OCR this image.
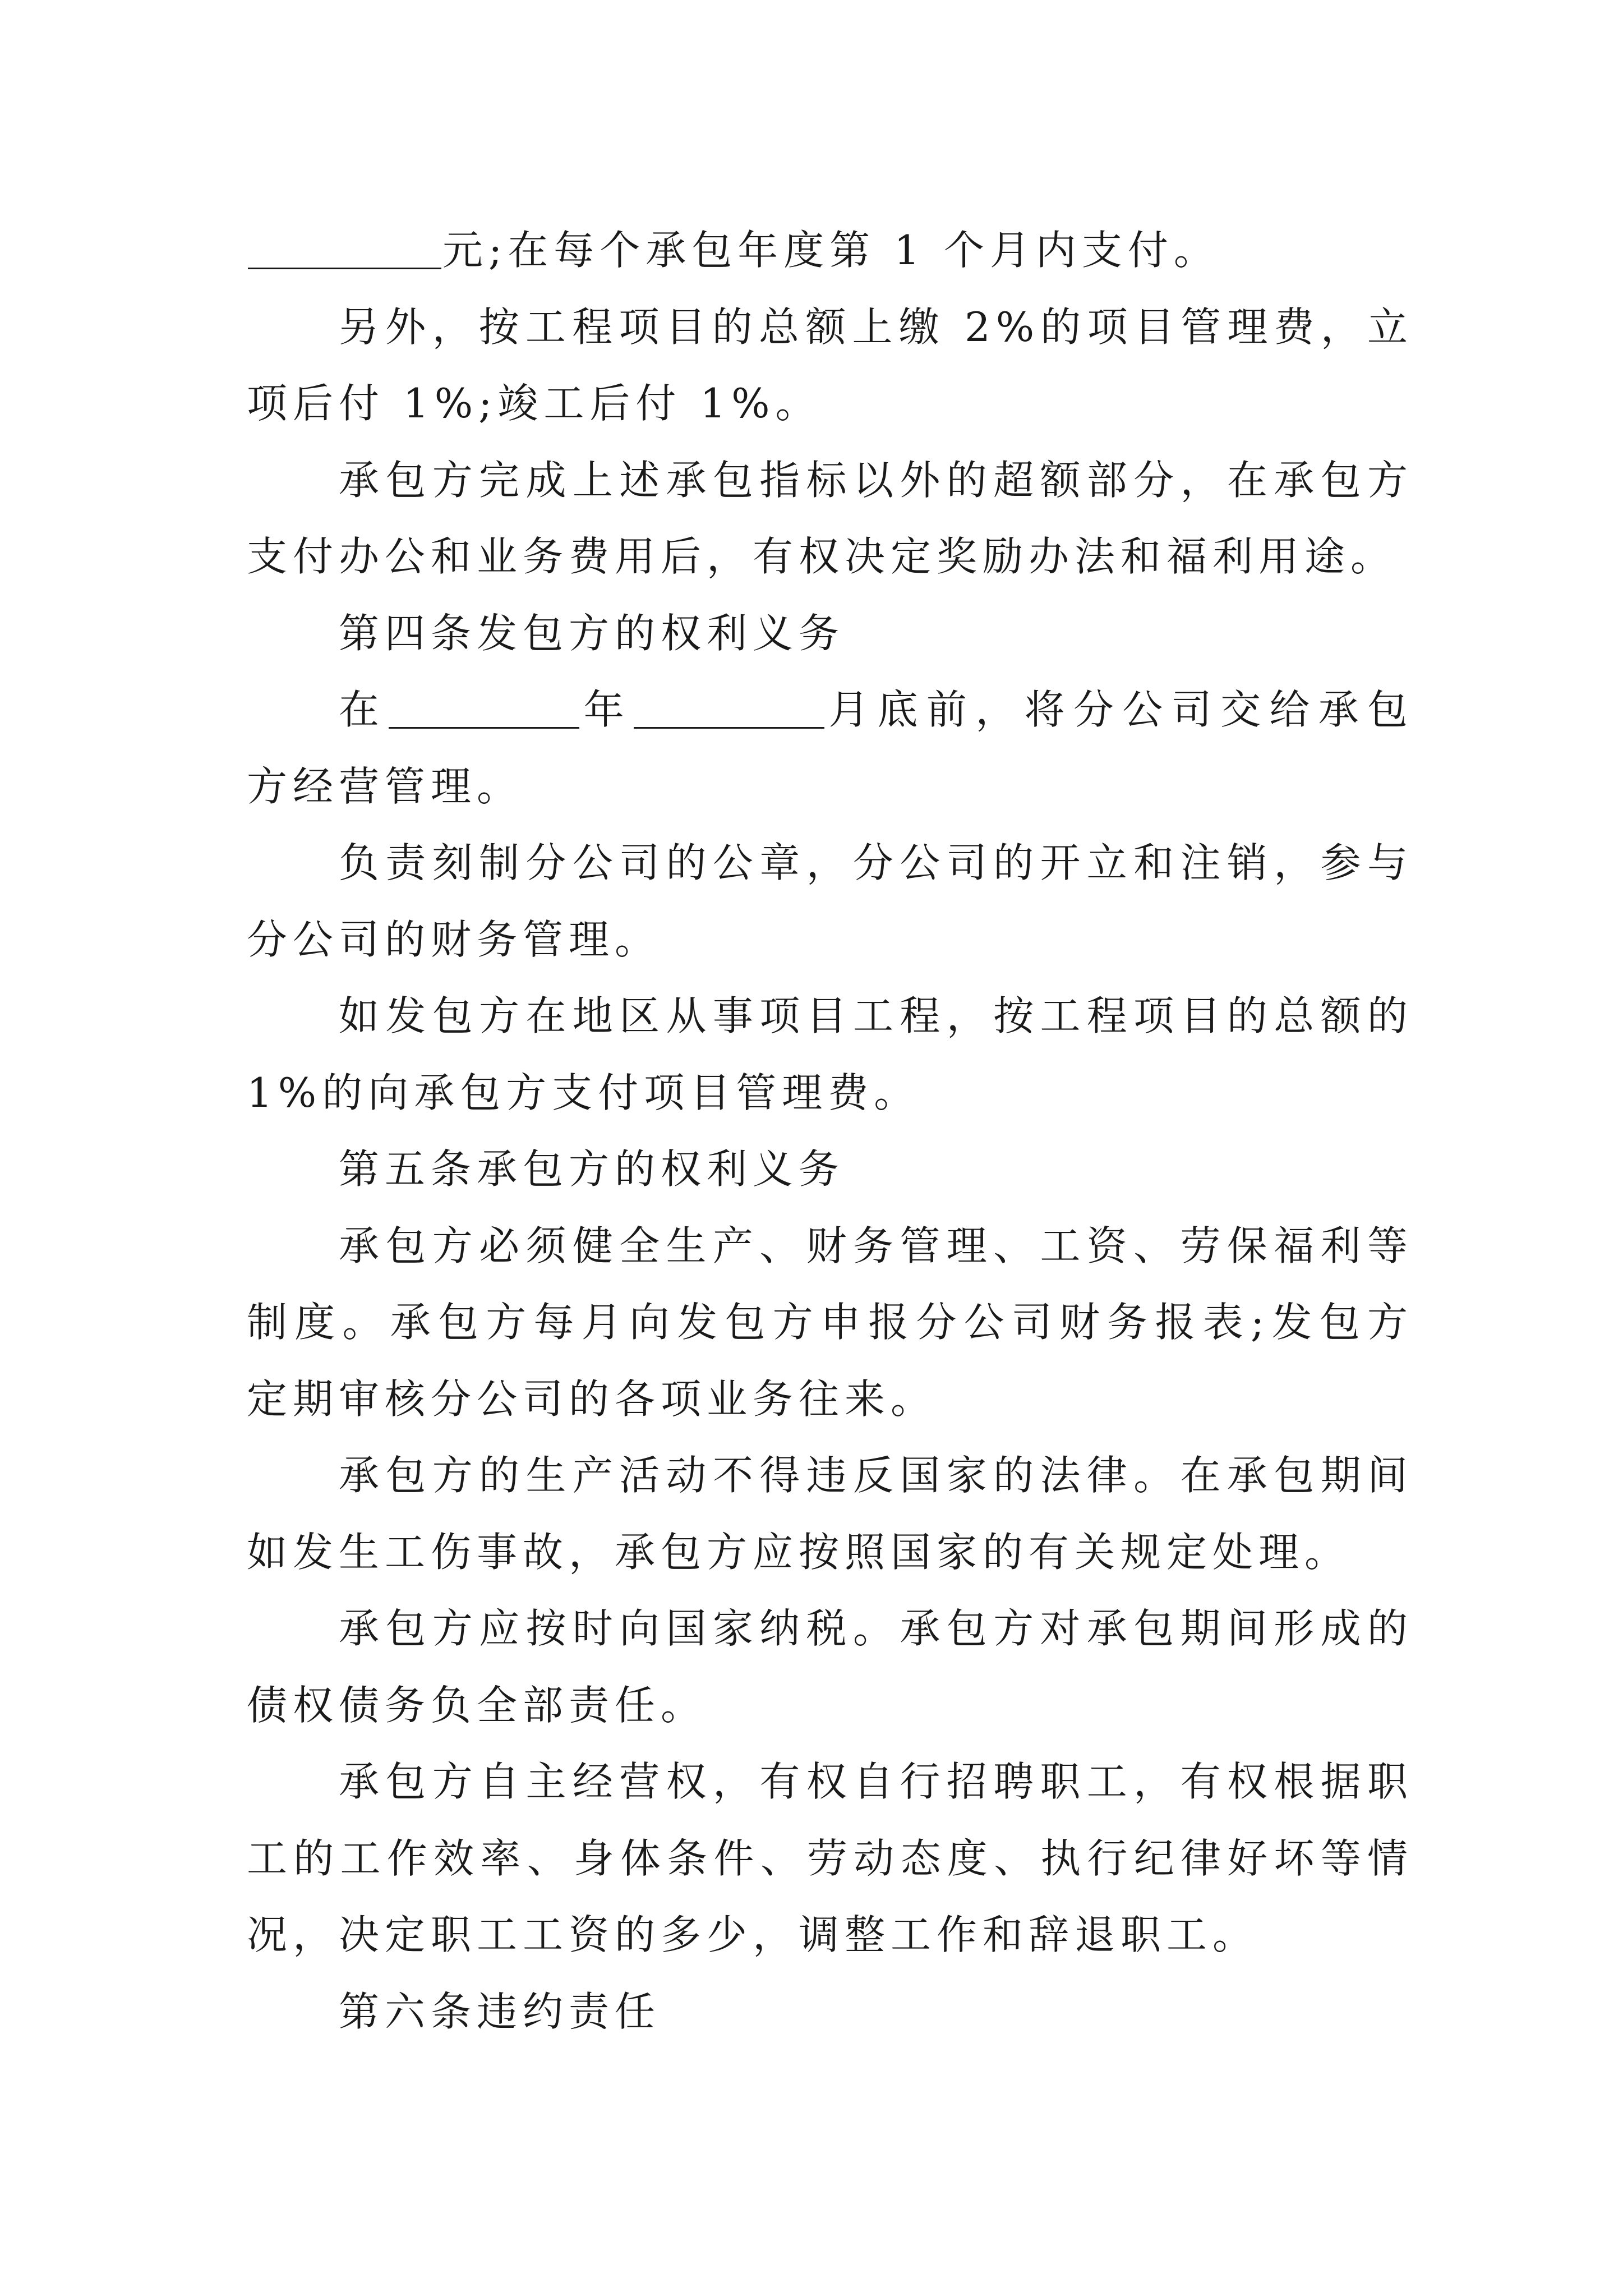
元;在每个承包年度第 1 个月内支付。

另外，按工程项目的总额上缴 2%的项目管理费，立项后付 1%;竣工后付 1%。

承包方完成上述承包指标以外的超额部分，在承包方支付办公和业务费用后，有权决定奖励办法和福利用途。

第四条发包方的权利义务

在	年	月底前，将分公司交给承包方经营管理。

负责刻制分公司的公章，分公司的开立和注销，参与分公司的财务管理。

如发包方在地区从事项目工程，按工程项目的总额的 1%的向承包方支付项目管理费。

第五条承包方的权利义务

承包方必须健全生产、财务管理、工资、劳保福利等制度。承包方每月向发包方申报分公司财务报表;发包方定期审核分公司的各项业务往来。

承包方的生产活动不得违反国家的法律。在承包期间如发生工伤事故，承包方应按照国家的有关规定处理。

承包方应按时向国家纳税。承包方对承包期间形成的债权债务负全部责任。

承包方自主经营权，有权自行招聘职工，有权根据职工的工作效率、身体条件、劳动态度、执行纪律好坏等情况，决定职工工资的多少，调整工作和辞退职工。

第六条违约责任
